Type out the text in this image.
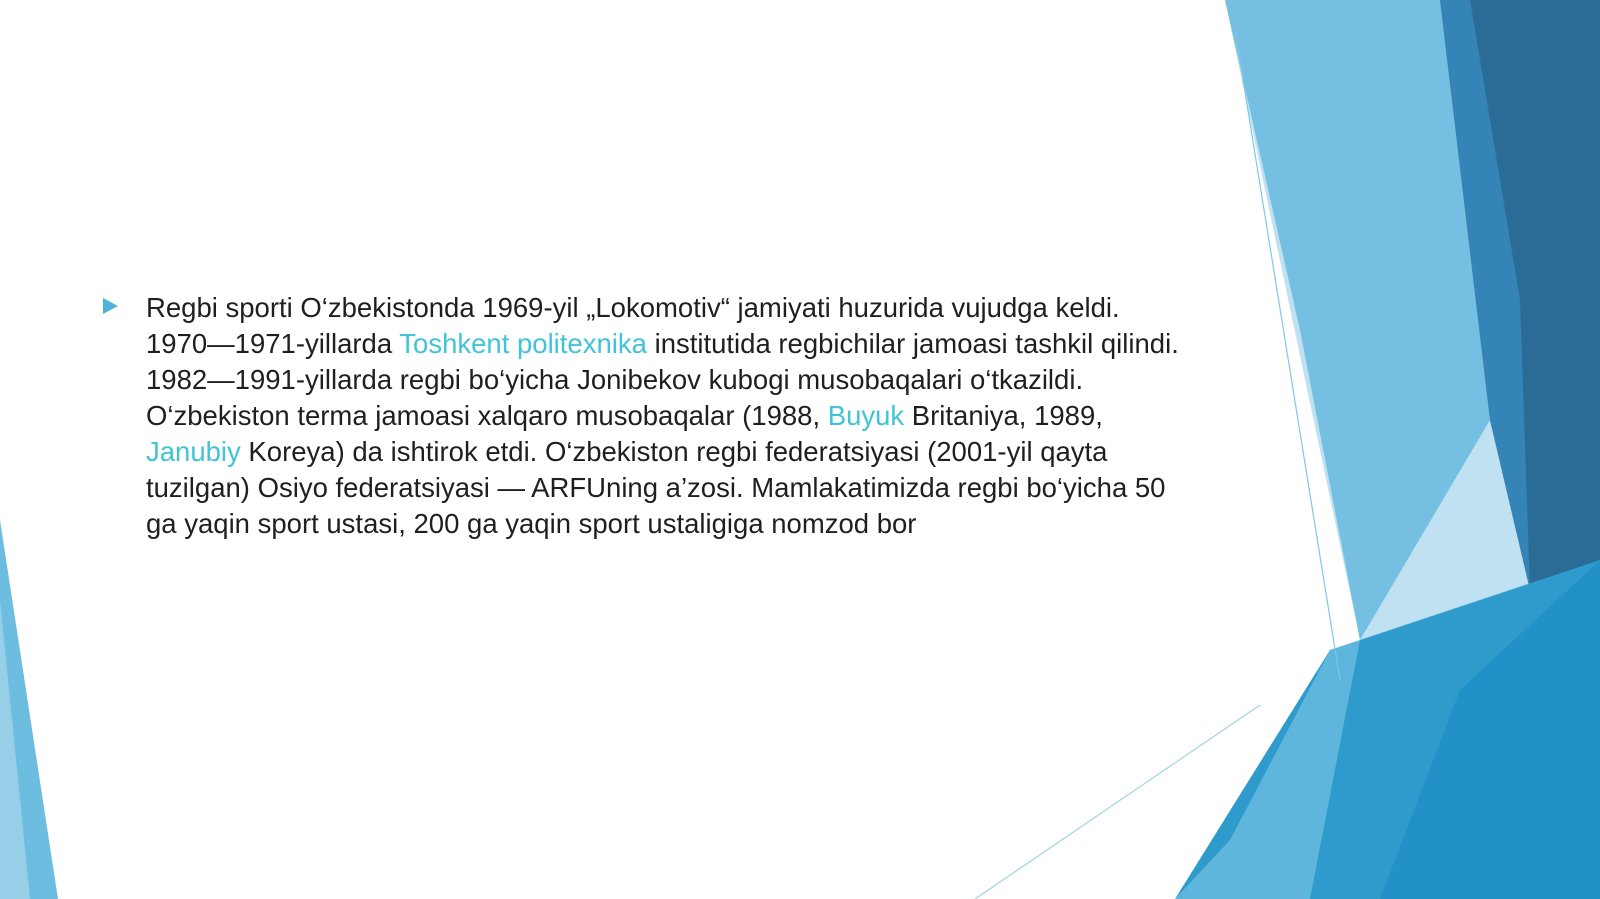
Regbi sporti O‘zbekistonda 1969-yil „Lokomotiv“ jamiyati huzurida vujudga keldi. 1970—1971-yillarda Toshkent politexnika institutida regbichilar jamoasi tashkil qilindi. 1982—1991-yillarda regbi bo‘yicha Jonibekov kubogi musobaqalari o‘tkazildi. O‘zbekiston terma jamoasi xalqaro musobaqalar (1988, Buyuk Britaniya, 1989, Janubiy Koreya) da ishtirok etdi. O‘zbekiston regbi federatsiyasi (2001-yil qayta tuzilgan) Osiyo federatsiyasi — ARFUning a’zosi. Mamlakatimizda regbi bo‘yicha 50 ga yaqin sport ustasi, 200 ga yaqin sport ustaligiga nomzod bor
